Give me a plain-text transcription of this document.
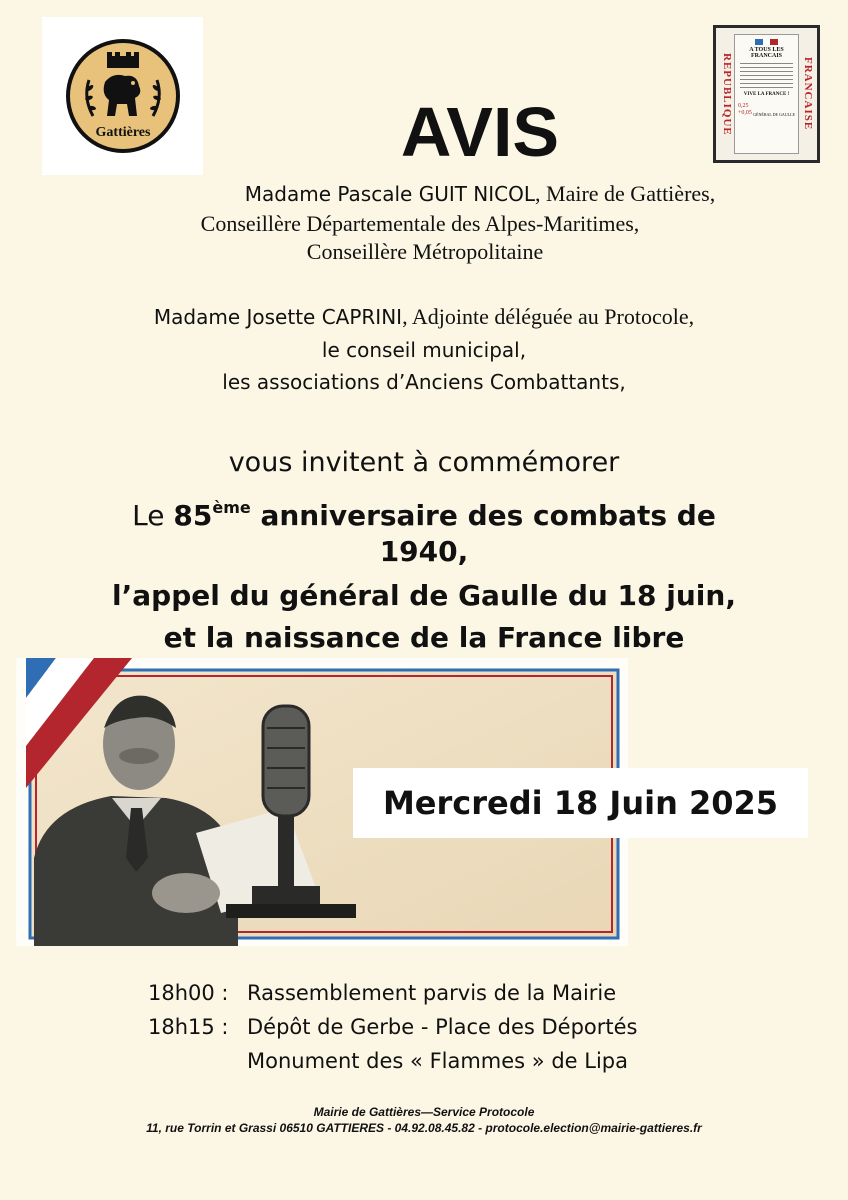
Gattières	REPUBLIQUE	FRANCAISE
A TOUS LES FRANCAIS
VIVE LA FRANCE !
0,25
+0,05 GÉNÉRAL DE GAULLE
AVIS
Madame Pascale GUIT NICOL, Maire de Gattières,
Conseillère Départementale des Alpes-Maritimes,
Conseillère Métropolitaine
Madame Josette CAPRINI, Adjointe déléguée au Protocole,
le conseil municipal,
les associations d’Anciens Combattants,
vous invitent à commémorer
Le 85ème anniversaire des combats de
1940,
l’appel du général de Gaulle du 18 juin,
et la naissance de la France libre
Mercredi 18 Juin 2025
18h00 : Rassemblement parvis de la Mairie
18h15 : Dépôt de Gerbe - Place des Déportés
Monument des « Flammes » de Lipa
Mairie de Gattières—Service Protocole
11, rue Torrin et Grassi 06510 GATTIERES - 04.92.08.45.82 - protocole.election@mairie-gattieres.fr
